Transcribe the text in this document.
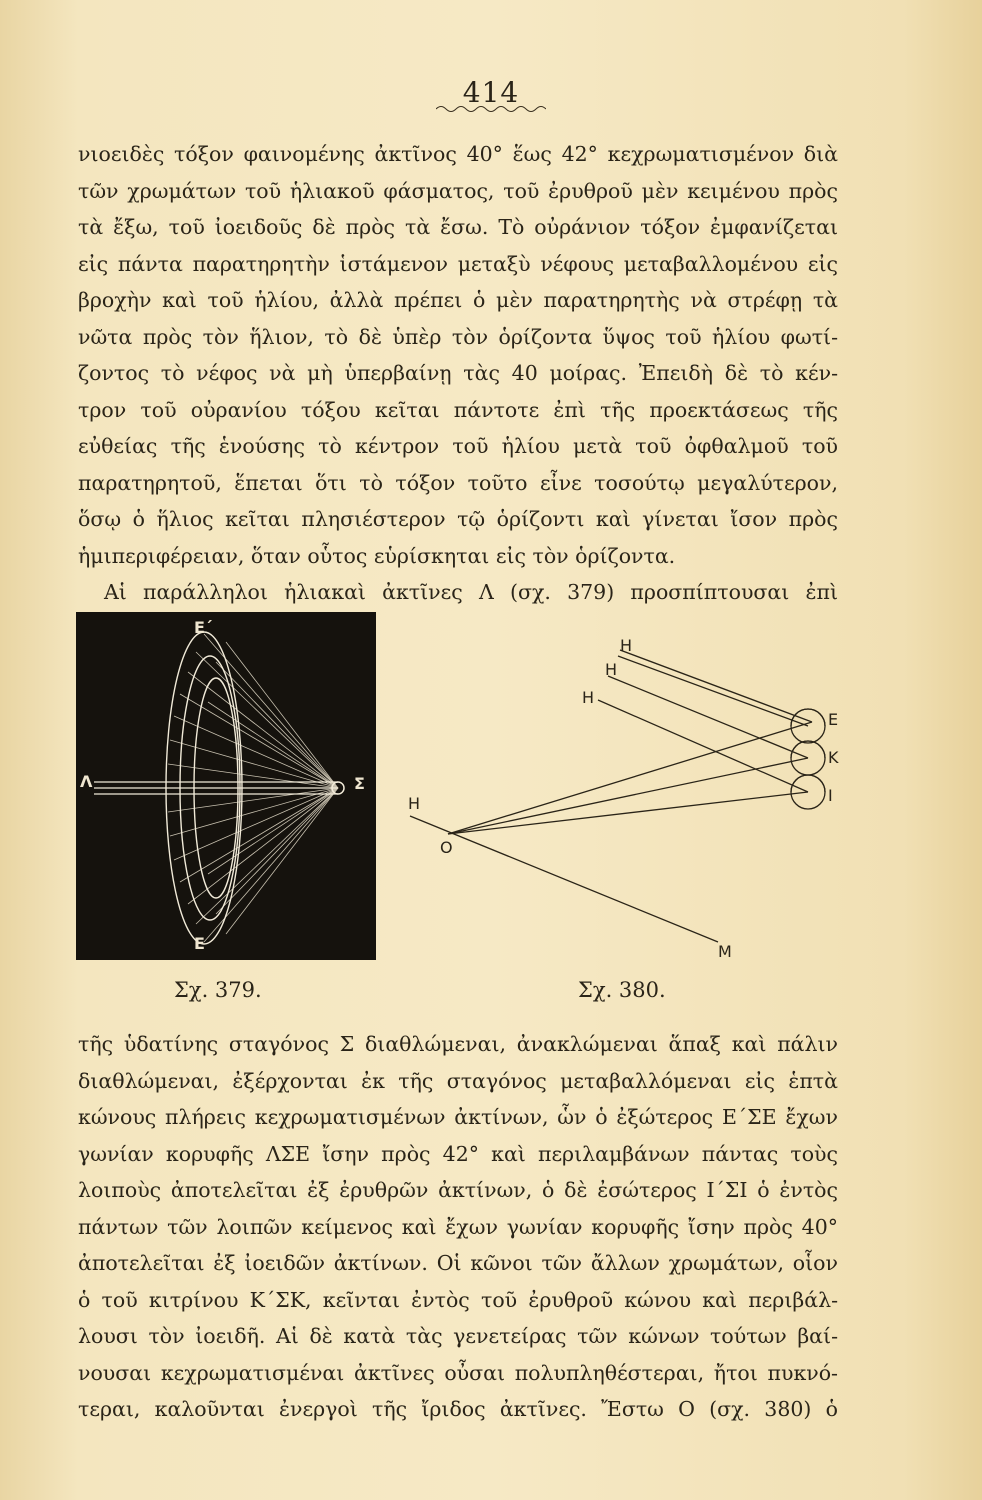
414
νιοειδὲς τόξον φαινομένης ἀκτῖνος 40° ἕως 42° κεχρωματισμένον διὰ
τῶν χρωμάτων τοῦ ἡλιακοῦ φάσματος, τοῦ ἐρυθροῦ μὲν κειμένου πρὸς
τὰ ἔξω, τοῦ ἰοειδοῦς δὲ πρὸς τὰ ἔσω. Τὸ οὐράνιον τόξον ἐμφανίζεται
εἰς πάντα παρατηρητὴν ἱστάμενον μεταξὺ νέφους μεταβαλλομένου εἰς
βροχὴν καὶ τοῦ ἡλίου, ἀλλὰ πρέπει ὁ μὲν παρατηρητὴς νὰ στρέφῃ τὰ
νῶτα πρὸς τὸν ἥλιον, τὸ δὲ ὑπὲρ τὸν ὁρίζοντα ὕψος τοῦ ἡλίου φωτί-
ζοντος τὸ νέφος νὰ μὴ ὑπερβαίνῃ τὰς 40 μοίρας. Ἐπειδὴ δὲ τὸ κέν-
τρον τοῦ οὐρανίου τόξου κεῖται πάντοτε ἐπὶ τῆς προεκτάσεως τῆς
εὐθείας τῆς ἑνούσης τὸ κέντρον τοῦ ἡλίου μετὰ τοῦ ὀφθαλμοῦ τοῦ
παρατηρητοῦ, ἕπεται ὅτι τὸ τόξον τοῦτο εἶνε τοσούτῳ μεγαλύτερον,
ὅσῳ ὁ ἥλιος κεῖται πλησιέστερον τῷ ὁρίζοντι καὶ γίνεται ἴσον πρὸς
ἡμιπεριφέρειαν, ὅταν οὗτος εὑρίσκηται εἰς τὸν ὁρίζοντα.
Αἱ παράλληλοι ἡλιακαὶ ἀκτῖνες Λ (σχ. 379) προσπίπτουσαι ἐπὶ
Ε΄
Ε
Λ	Σ
Η
Η
Η
Η
Ο
Ε
Κ
Ι
Μ
Σχ. 379.	Σχ. 380.
τῆς ὑδατίνης σταγόνος Σ διαθλώμεναι, ἀνακλώμεναι ἅπαξ καὶ πάλιν
διαθλώμεναι, ἐξέρχονται ἐκ τῆς σταγόνος μεταβαλλόμεναι εἰς ἑπτὰ
κώνους πλήρεις κεχρωματισμένων ἀκτίνων, ὧν ὁ ἐξώτερος Ε΄ΣΕ ἔχων
γωνίαν κορυφῆς ΛΣΕ ἴσην πρὸς 42° καὶ περιλαμβάνων πάντας τοὺς
λοιποὺς ἀποτελεῖται ἐξ ἐρυθρῶν ἀκτίνων, ὁ δὲ ἐσώτερος Ι΄ΣΙ ὁ ἐντὸς
πάντων τῶν λοιπῶν κείμενος καὶ ἔχων γωνίαν κορυφῆς ἴσην πρὸς 40°
ἀποτελεῖται ἐξ ἰοειδῶν ἀκτίνων. Οἱ κῶνοι τῶν ἄλλων χρωμάτων, οἷον
ὁ τοῦ κιτρίνου Κ΄ΣΚ, κεῖνται ἐντὸς τοῦ ἐρυθροῦ κώνου καὶ περιβάλ-
λουσι τὸν ἰοειδῆ. Αἱ δὲ κατὰ τὰς γενετείρας τῶν κώνων τούτων βαί-
νουσαι κεχρωματισμέναι ἀκτῖνες οὖσαι πολυπληθέστεραι, ἤτοι πυκνό-
τεραι, καλοῦνται ἐνεργοὶ τῆς ἴριδος ἀκτῖνες. Ἔστω Ο (σχ. 380) ὁ
